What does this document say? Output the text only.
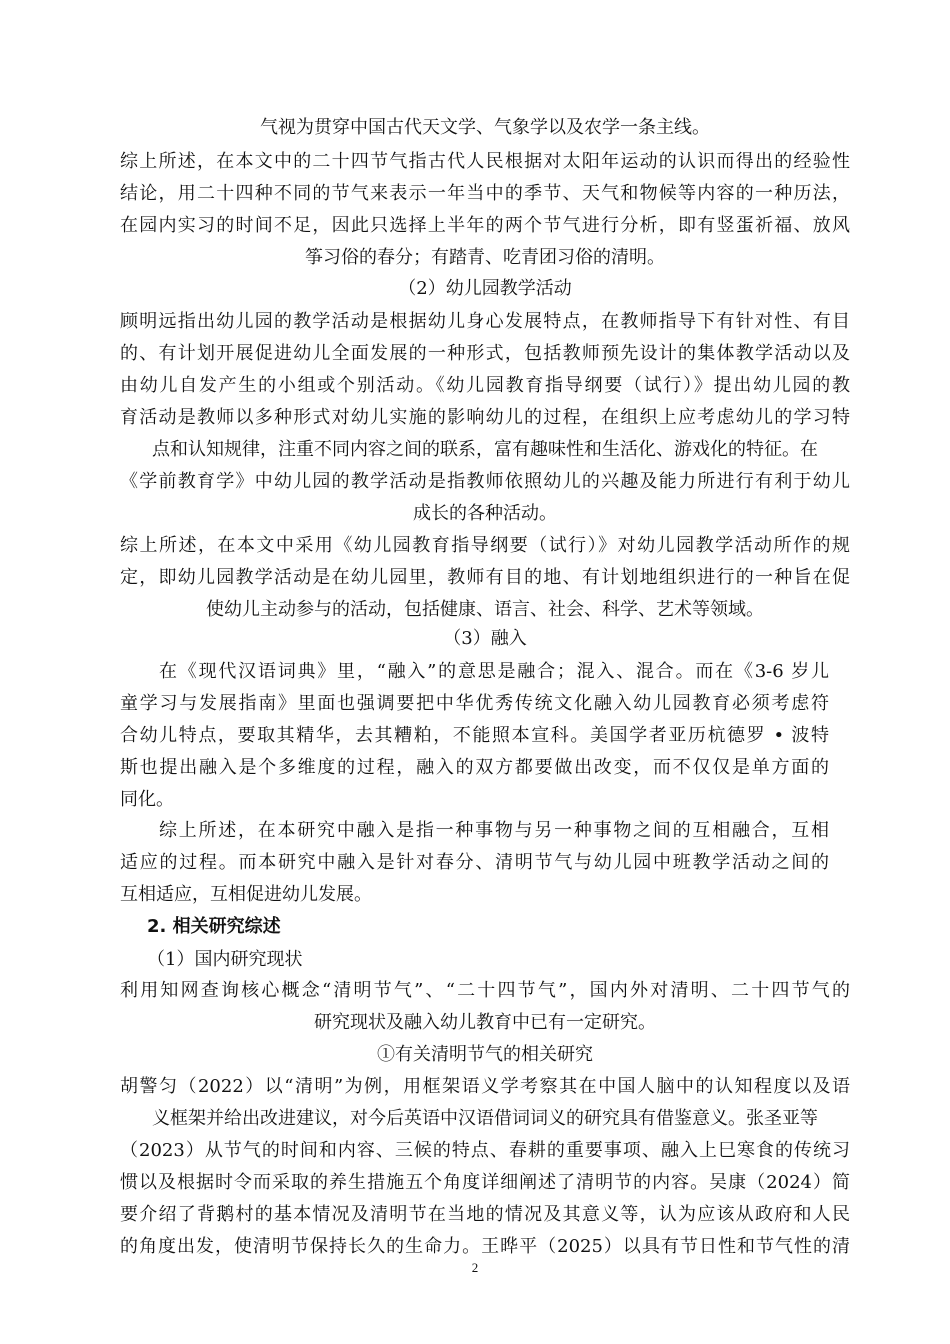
气视为贯穿中国古代天文学、气象学以及农学一条主线。
综上所述，在本文中的二十四节气指古代人民根据对太阳年运动的认识而得出的经验性
结论，用二十四种不同的节气来表示一年当中的季节、天气和物候等内容的一种历法，
在园内实习的时间不足，因此只选择上半年的两个节气进行分析，即有竖蛋祈福、放风
筝习俗的春分；有踏青、吃青团习俗的清明。
（2）幼儿园教学活动
顾明远指出幼儿园的教学活动是根据幼儿身心发展特点，在教师指导下有针对性、有目
的、有计划开展促进幼儿全面发展的一种形式，包括教师预先设计的集体教学活动以及
由幼儿自发产生的小组或个别活动。《幼儿园教育指导纲要（试行）》提出幼儿园的教
育活动是教师以多种形式对幼儿实施的影响幼儿的过程，在组织上应考虑幼儿的学习特
点和认知规律，注重不同内容之间的联系，富有趣味性和生活化、游戏化的特征。在
《学前教育学》中幼儿园的教学活动是指教师依照幼儿的兴趣及能力所进行有利于幼儿
成长的各种活动。
综上所述，在本文中采用《幼儿园教育指导纲要（试行）》对幼儿园教学活动所作的规
定，即幼儿园教学活动是在幼儿园里，教师有目的地、有计划地组织进行的一种旨在促
使幼儿主动参与的活动，包括健康、语言、社会、科学、艺术等领域。
（3）融入
在《现代汉语词典》里，“融入”的意思是融合；混入、混合。而在《3-6 岁儿
童学习与发展指南》里面也强调要把中华优秀传统文化融入幼儿园教育必须考虑符
合幼儿特点，要取其精华，去其糟粕，不能照本宣科。美国学者亚历杭德罗 • 波特
斯也提出融入是个多维度的过程，融入的双方都要做出改变，而不仅仅是单方面的
同化。
综上所述，在本研究中融入是指一种事物与另一种事物之间的互相融合，互相
适应的过程。而本研究中融入是针对春分、清明节气与幼儿园中班教学活动之间的
互相适应，互相促进幼儿发展。
2. 相关研究综述
（1）国内研究现状
利用知网查询核心概念“清明节气”、“二十四节气”，国内外对清明、二十四节气的
研究现状及融入幼儿教育中已有一定研究。
①有关清明节气的相关研究
胡警匀（2022）以“清明”为例，用框架语义学考察其在中国人脑中的认知程度以及语
义框架并给出改进建议，对今后英语中汉语借词词义的研究具有借鉴意义。张圣亚等
（2023）从节气的时间和内容、三候的特点、春耕的重要事项、融入上巳寒食的传统习
惯以及根据时令而采取的养生措施五个角度详细阐述了清明节的内容。吴康（2024）简
要介绍了背鹅村的基本情况及清明节在当地的情况及其意义等，认为应该从政府和人民
的角度出发，使清明节保持长久的生命力。王晔平（2025）以具有节日性和节气性的清
2
